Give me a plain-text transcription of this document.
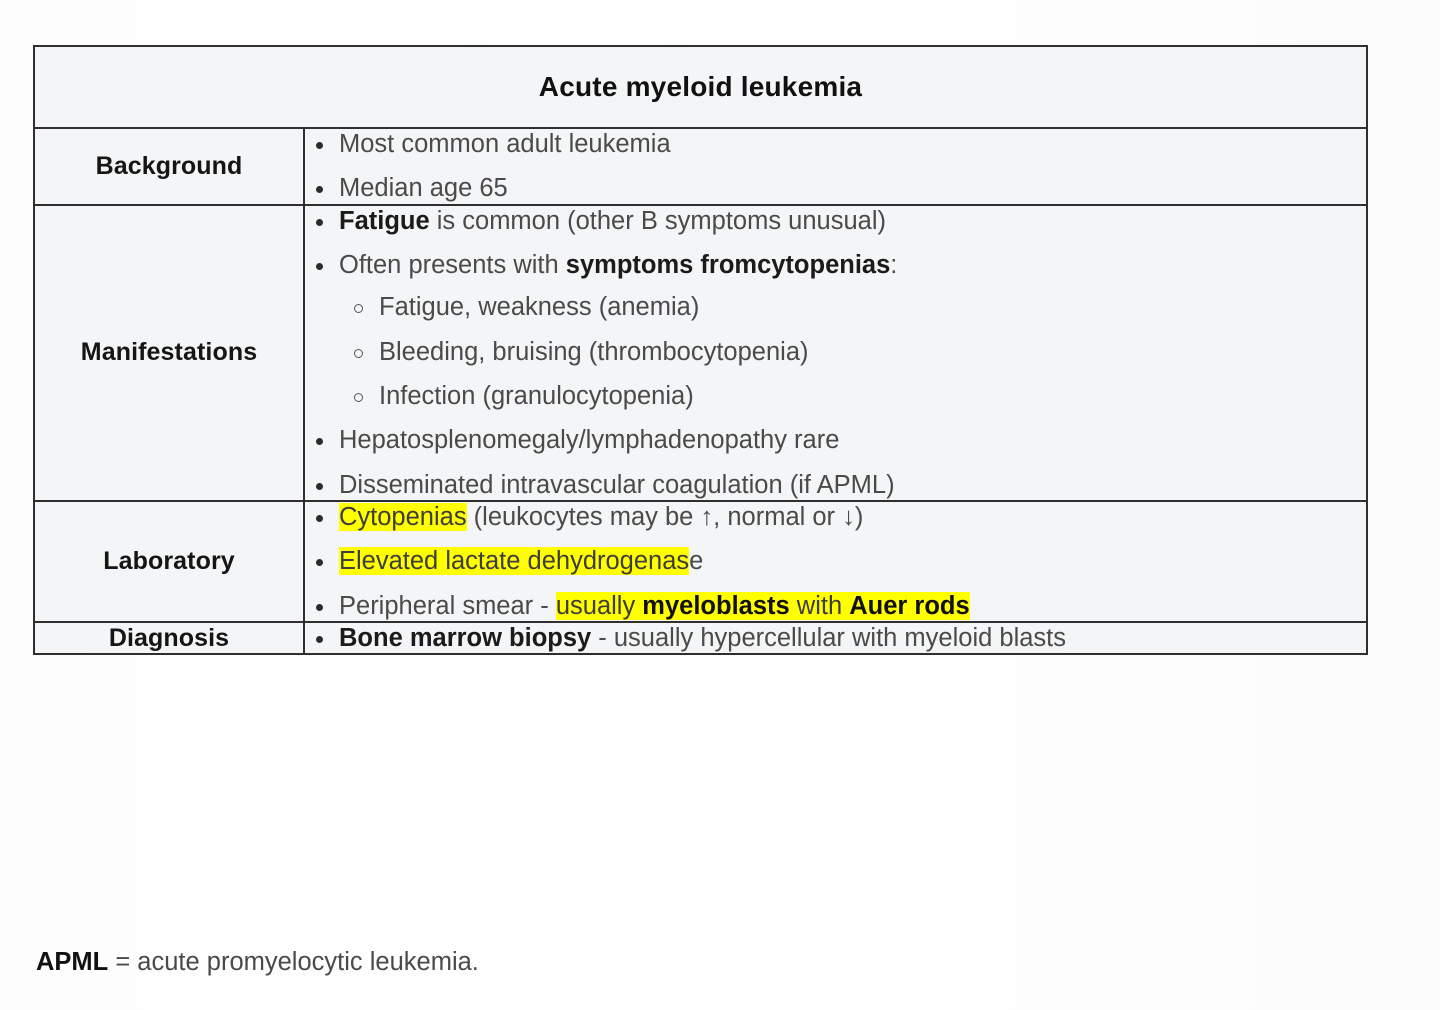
Acute myeloid leukemia	
Background	
Most common adult leukemia
Median age 65

Manifestations	
Fatigue is common (other B symptoms unusual)
Often presents with symptoms fromcytopenias:
Fatigue, weakness (anemia)
Bleeding, bruising (thrombocytopenia)
Infection (granulocytopenia)
Hepatosplenomegaly/lymphadenopathy rare
Disseminated intravascular coagulation (if APML)

Laboratory	
Cytopenias (leukocytes may be ↑, normal or ↓)
Elevated lactate dehydrogenase
Peripheral smear - usually myeloblasts with Auer rods

Diagnosis	Bone marrow biopsy - usually hypercellular with myeloid blasts
APML = acute promyelocytic leukemia.
